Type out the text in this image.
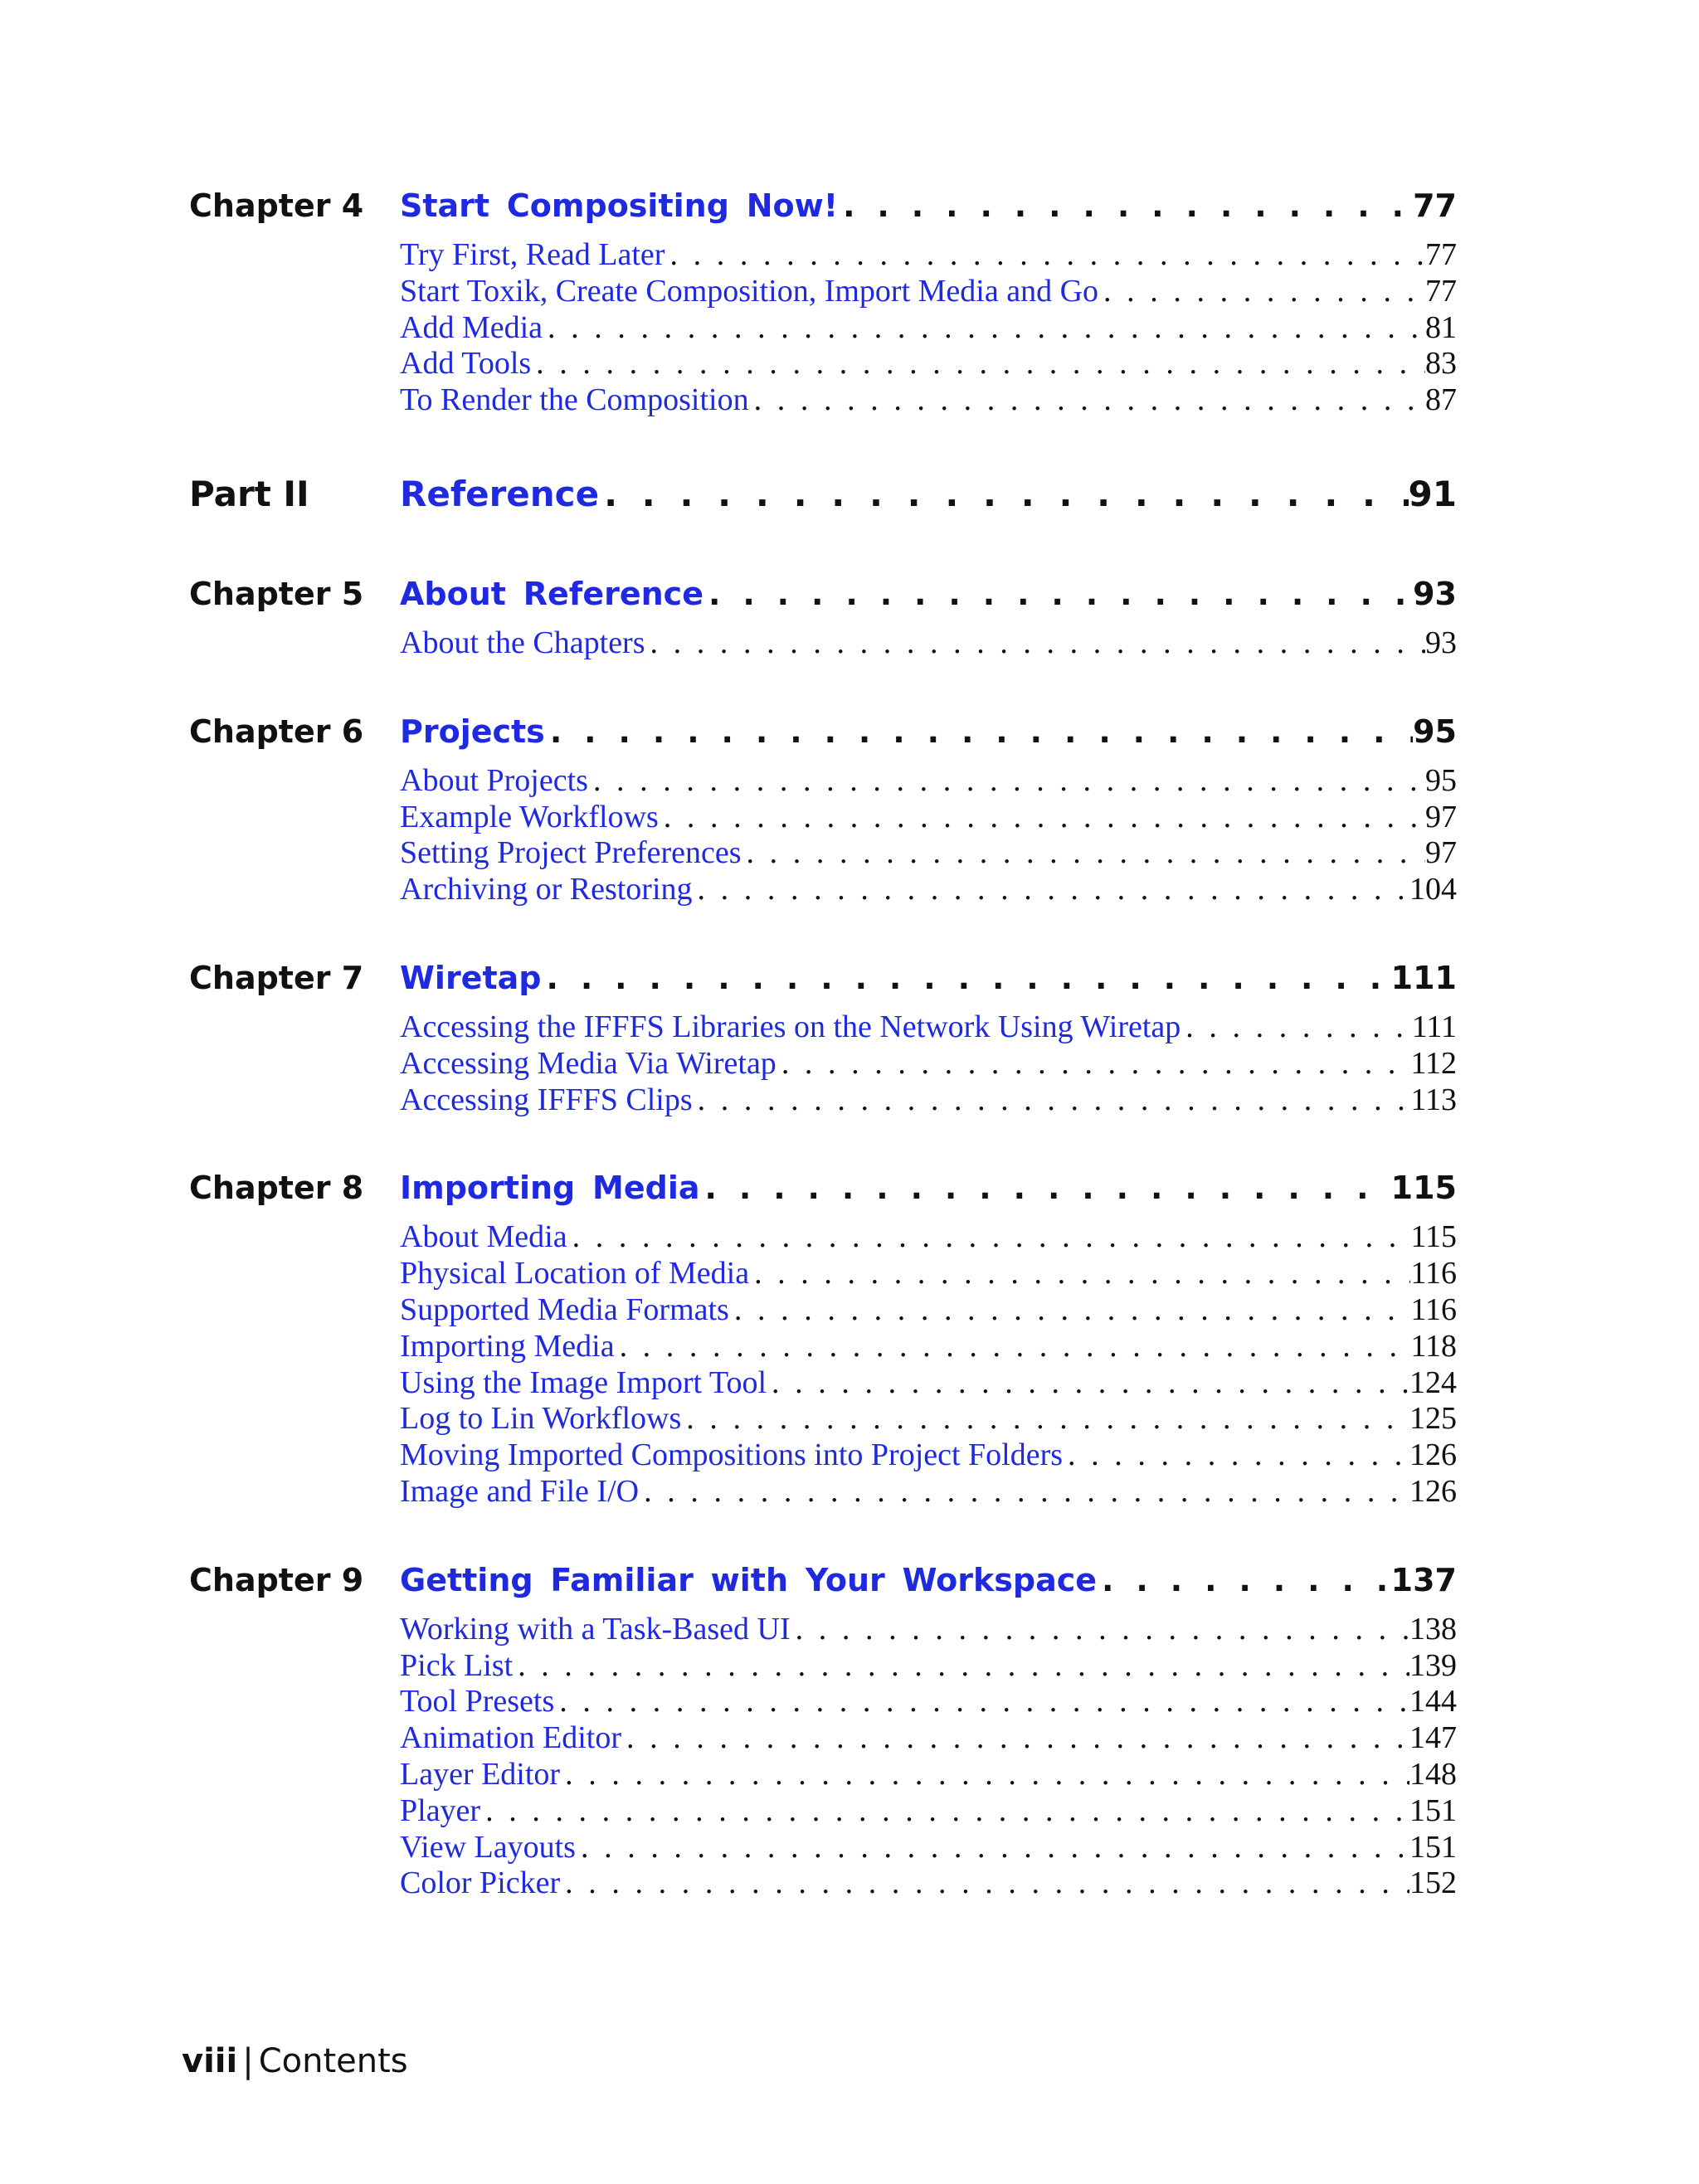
Chapter 4	Start Compositing Now! . . .	77
Try First, Read Later . . .	77
Start Toxik, Create Composition, Import Media and Go . . .	77
Add Media . . .	81
Add Tools . . .	83
To Render the Composition . . .	87
Part II	Reference . . .	91
Chapter 5	About Reference . . .	93
About the Chapters . . .	93
Chapter 6	Projects . . .	95
About Projects . . .	95
Example Workflows . . .	97
Setting Project Preferences . . .	97
Archiving or Restoring . . .	104
Chapter 7	Wiretap . . .	111
Accessing the IFFFS Libraries on the Network Using Wiretap . . .	111
Accessing Media Via Wiretap . . .	112
Accessing IFFFS Clips . . .	113
Chapter 8	Importing Media . . .	115
About Media . . .	115
Physical Location of Media . . .	116
Supported Media Formats . . .	116
Importing Media . . .	118
Using the Image Import Tool . . .	124
Log to Lin Workflows . . .	125
Moving Imported Compositions into Project Folders . . .	126
Image and File I/O . . .	126
Chapter 9	Getting Familiar with Your Workspace . . .	137
Working with a Task-Based UI . . .	138
Pick List . . .	139
Tool Presets . . .	144
Animation Editor . . .	147
Layer Editor . . .	148
Player . . .	151
View Layouts . . .	151
Color Picker . . .	152
viii | Contents
